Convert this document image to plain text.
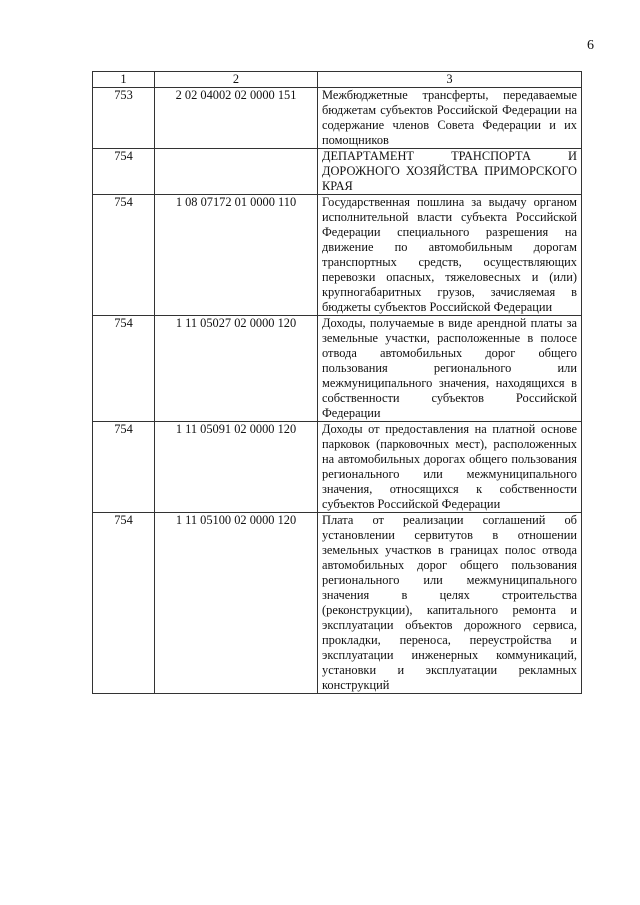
6
1	2	3
753	2 02 04002 02 0000 151	Межбюджетные трансферты, передаваемые бюджетам субъектов Российской Федерации на содержание членов Совета Федерации и их помощников
754		ДЕПАРТАМЕНТ ТРАНСПОРТА И ДОРОЖНОГО ХОЗЯЙСТВА ПРИМОРСКОГО КРАЯ
754	1 08 07172 01 0000 110	Государственная пошлина за выдачу органом исполнительной власти субъекта Российской Федерации специального разрешения на движение по автомобильным дорогам транспортных средств, осуществляющих перевозки опасных, тяжеловесных и (или) крупногабаритных грузов, зачисляемая в бюджеты субъектов Российской Федерации
754	1 11 05027 02 0000 120	Доходы, получаемые в виде арендной платы за земельные участки, расположенные в полосе отвода автомобильных дорог общего пользования регионального или межмуниципального значения, находящихся в собственности субъектов Российской Федерации
754	1 11 05091 02 0000 120	Доходы от предоставления на платной основе парковок (парковочных мест), расположенных на автомобильных дорогах общего пользования регионального или межмуниципального значения, относящихся к собственности субъектов Российской Федерации
754	1 11 05100 02 0000 120	Плата от реализации соглашений об установлении сервитутов в отношении земельных участков в границах полос отвода автомобильных дорог общего пользования регионального или межмуниципального значения в целях строительства (реконструкции), капитального ремонта и эксплуатации объектов дорожного сервиса, прокладки, переноса, переустройства и эксплуатации инженерных коммуникаций, установки и эксплуатации рекламных конструкций
